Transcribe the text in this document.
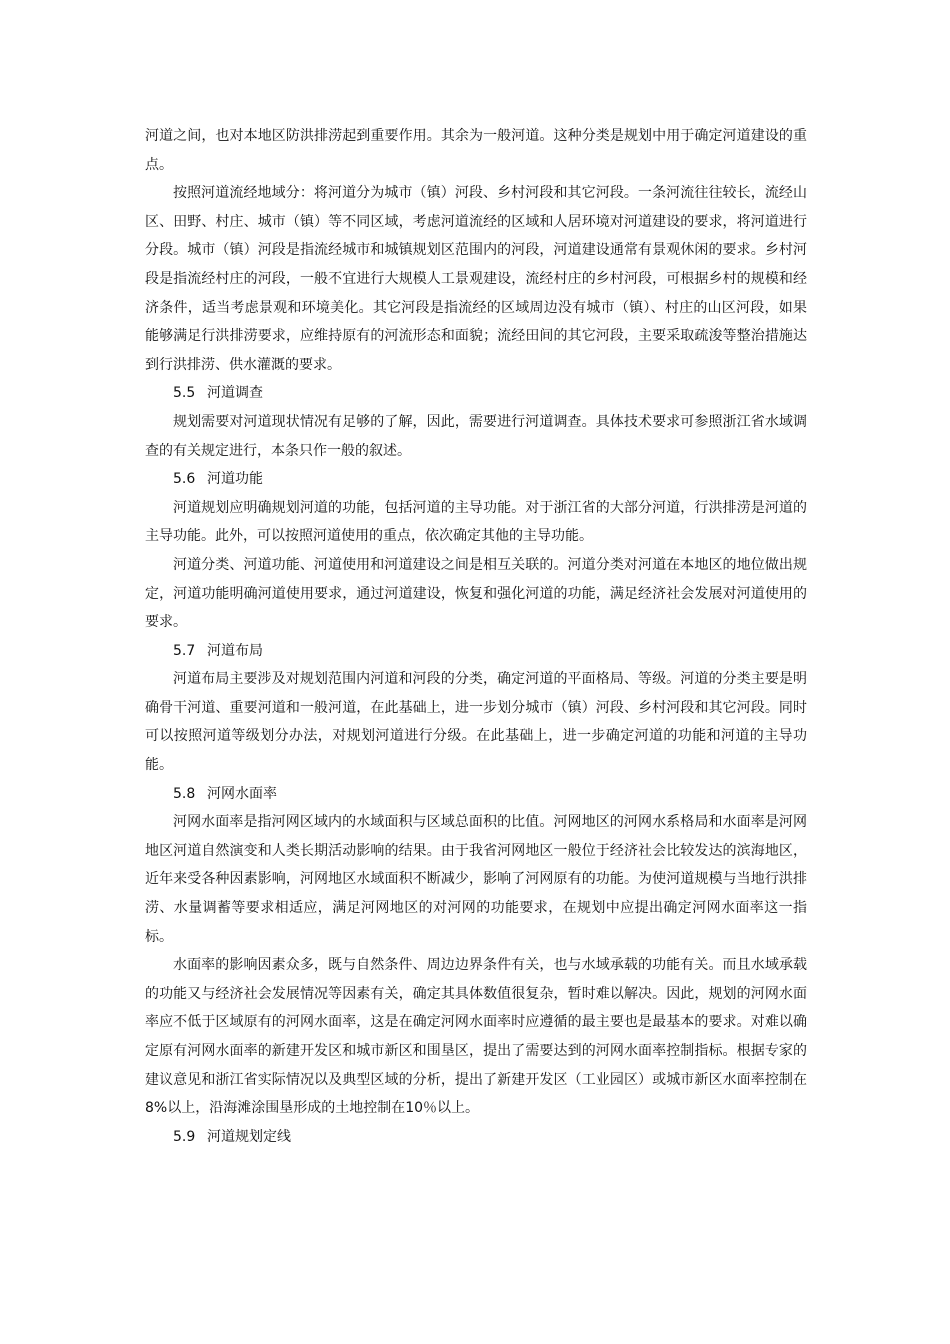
河道之间，也对本地区防洪排涝起到重要作用。其余为一般河道。这种分类是规划中用于确定河道建设的重点。

按照河道流经地域分：将河道分为城市（镇）河段、乡村河段和其它河段。一条河流往往较长，流经山区、田野、村庄、城市（镇）等不同区域，考虑河道流经的区域和人居环境对河道建设的要求，将河道进行分段。城市（镇）河段是指流经城市和城镇规划区范围内的河段，河道建设通常有景观休闲的要求。乡村河段是指流经村庄的河段，一般不宜进行大规模人工景观建设，流经村庄的乡村河段，可根据乡村的规模和经济条件，适当考虑景观和环境美化。其它河段是指流经的区域周边没有城市（镇）、村庄的山区河段，如果能够满足行洪排涝要求，应维持原有的河流形态和面貌；流经田间的其它河段，主要采取疏浚等整治措施达到行洪排涝、供水灌溉的要求。

5.5 河道调查

规划需要对河道现状情况有足够的了解，因此，需要进行河道调查。具体技术要求可参照浙江省水域调查的有关规定进行，本条只作一般的叙述。

5.6 河道功能

河道规划应明确规划河道的功能，包括河道的主导功能。对于浙江省的大部分河道，行洪排涝是河道的主导功能。此外，可以按照河道使用的重点，依次确定其他的主导功能。

河道分类、河道功能、河道使用和河道建设之间是相互关联的。河道分类对河道在本地区的地位做出规定，河道功能明确河道使用要求，通过河道建设，恢复和强化河道的功能，满足经济社会发展对河道使用的要求。

5.7 河道布局

河道布局主要涉及对规划范围内河道和河段的分类，确定河道的平面格局、等级。河道的分类主要是明确骨干河道、重要河道和一般河道，在此基础上，进一步划分城市（镇）河段、乡村河段和其它河段。同时可以按照河道等级划分办法，对规划河道进行分级。在此基础上，进一步确定河道的功能和河道的主导功能。

5.8 河网水面率

河网水面率是指河网区域内的水域面积与区域总面积的比值。河网地区的河网水系格局和水面率是河网地区河道自然演变和人类长期活动影响的结果。由于我省河网地区一般位于经济社会比较发达的滨海地区，近年来受各种因素影响，河网地区水域面积不断减少，影响了河网原有的功能。为使河道规模与当地行洪排涝、水量调蓄等要求相适应，满足河网地区的对河网的功能要求，在规划中应提出确定河网水面率这一指标。

水面率的影响因素众多，既与自然条件、周边边界条件有关，也与水域承载的功能有关。而且水域承载的功能又与经济社会发展情况等因素有关，确定其具体数值很复杂，暂时难以解决。因此，规划的河网水面率应不低于区域原有的河网水面率，这是在确定河网水面率时应遵循的最主要也是最基本的要求。对难以确定原有河网水面率的新建开发区和城市新区和围垦区，提出了需要达到的河网水面率控制指标。根据专家的建议意见和浙江省实际情况以及典型区域的分析，提出了新建开发区（工业园区）或城市新区水面率控制在8%以上，沿海滩涂围垦形成的土地控制在10％以上。

5.9 河道规划定线
